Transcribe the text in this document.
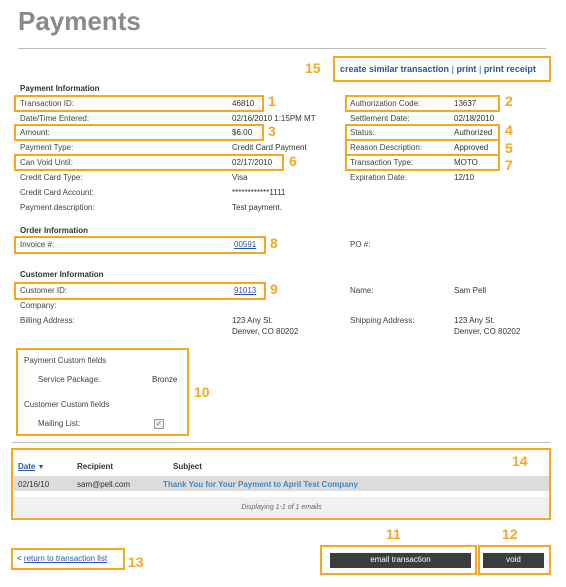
Payments
create similar transaction | print | print receipt
Payment Information
Transaction ID:	46810
Date/Time Entered:	02/16/2010 1:15PM MT
Amount:	$6.00
Payment Type:	Credit Card Payment
Can Void Until:	02/17/2010
Credit Card Type:	Visa
Credit Card Account:	************1111
Payment description:	Test payment.
Authorization Code:	13637
Settlement Date:	02/18/2010
Status:	Authorized
Reason Description:	Approved
Transaction Type:	MOTO
Expiration Date:	12/10
Order Information
Invoice #:	00591	PO #:
Customer Information
Customer ID:	91013
Company:
Billing Address:	123 Any St.
Denver, CO 80202
Name:	Sam Pell
Shipping Address:	123 Any St.
Denver, CO 80202
Payment Custom fields
Service Package:	Bronze
Customer Custom fields
Mailing List:	✓
Date ▼	Recipient	Subject
02/16/10	sam@pell.com	Thank You for Your Payment to April Test Company
Displaying 1-1 of 1 emails
< return to transaction list	email transaction	void
1	2
3	4
5
6	7
8
9
10
11	12
13
14
15
